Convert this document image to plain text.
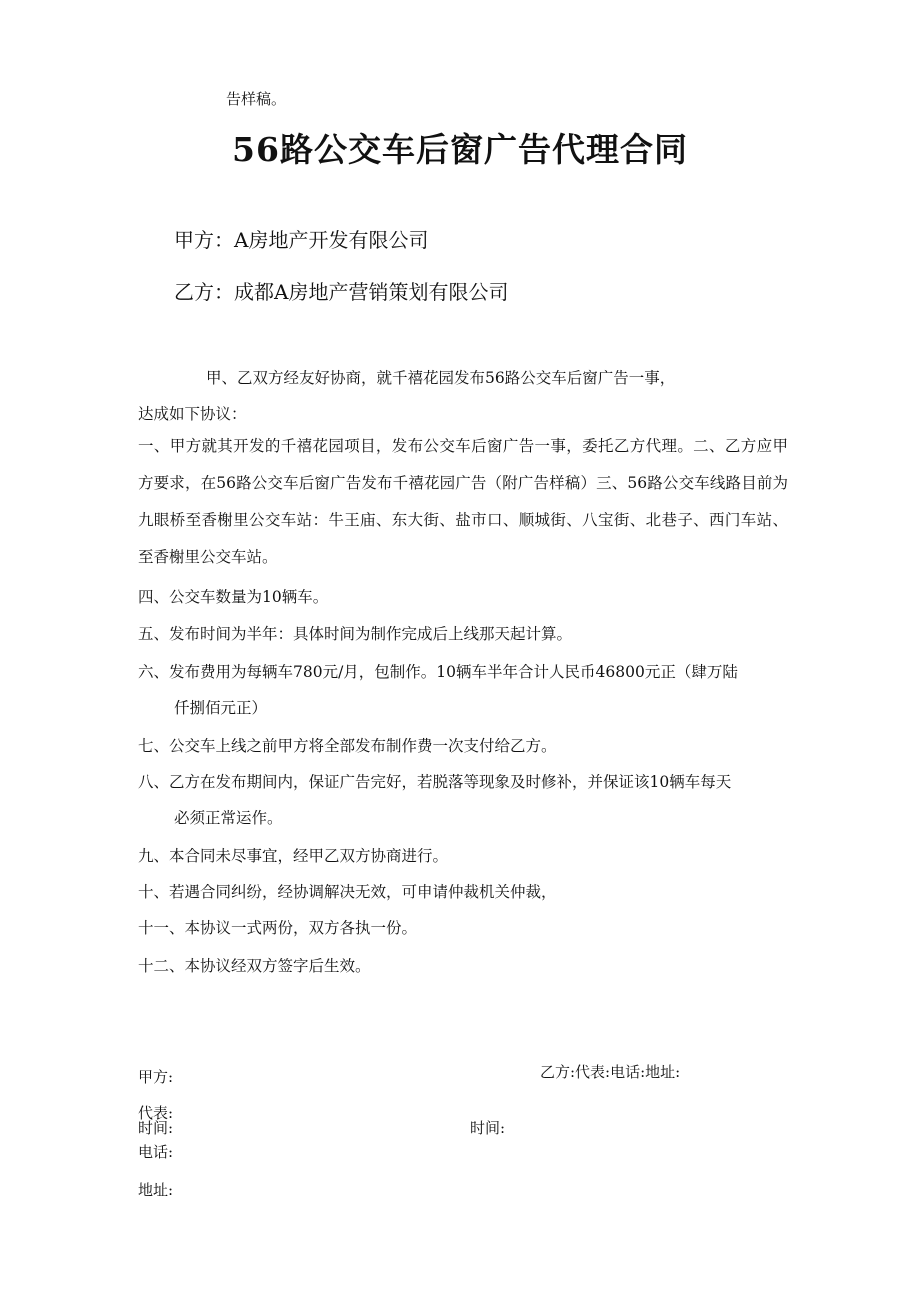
告样稿。
56路公交车后窗广告代理合同
甲方：A房地产开发有限公司
乙方：成都A房地产营销策划有限公司
甲、乙双方经友好协商，就千禧花园发布56路公交车后窗广告一事，
达成如下协议：
一、甲方就其开发的千禧花园项目，发布公交车后窗广告一事，委托乙方代理。二、乙方应甲方要求，在56路公交车后窗广告发布千禧花园广告（附广告样稿）三、56路公交车线路目前为九眼桥至香榭里公交车站：牛王庙、东大街、盐市口、顺城街、八宝街、北巷子、西门车站、至香榭里公交车站。
四、公交车数量为10辆车。
五、发布时间为半年：具体时间为制作完成后上线那天起计算。
六、发布费用为每辆车780元/月，包制作。10辆车半年合计人民币46800元正（肆万陆
仟捌佰元正）
七、公交车上线之前甲方将全部发布制作费一次支付给乙方。
八、乙方在发布期间内，保证广告完好，若脱落等现象及时修补，并保证该10辆车每天
必须正常运作。
九、本合同未尽事宜，经甲乙双方协商进行。
十、若遇合同纠纷，经协调解决无效，可申请仲裁机关仲裁，
十一、本协议一式两份，双方各执一份。
十二、本协议经双方签字后生效。
甲方:	乙方:代表:电话:地址:
代表:
时间:	时间:
电话:
地址:
